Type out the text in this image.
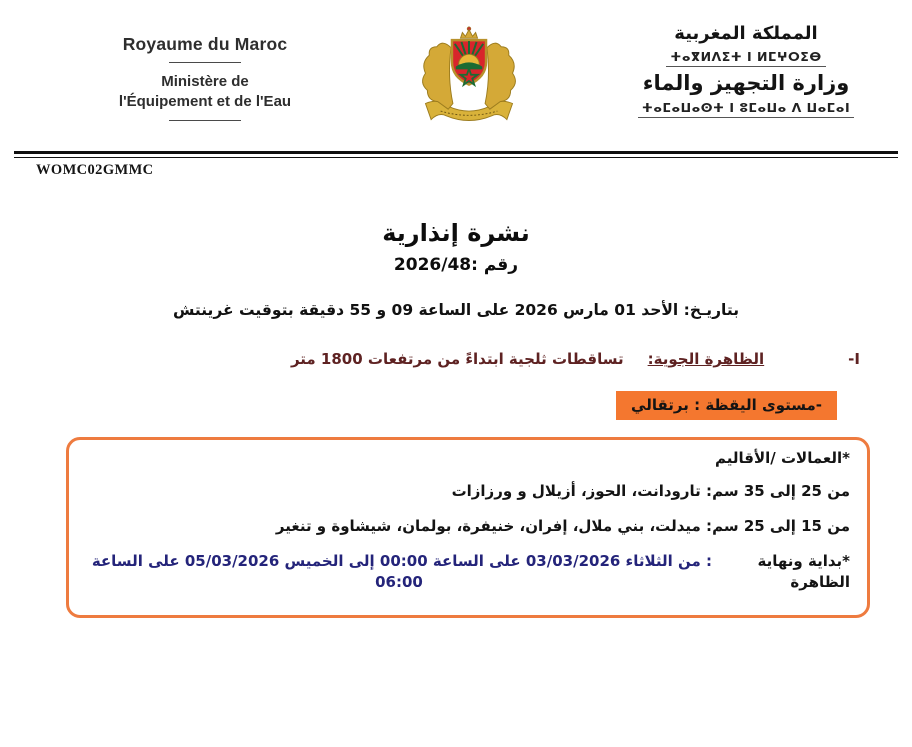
Royaume du Maroc
Ministère de
l'Équipement et de l'Eau
المملكة المغربية
ⵜⴰⴳⵍⴷⵉⵜ ⵏ ⵍⵎⵖⵔⵉⴱ
وزارة التجهيز والماء
ⵜⴰⵎⴰⵡⴰⵙⵜ ⵏ ⵓⵎⴰⵡⴰ ⴷ ⵡⴰⵎⴰⵏ
WOMC02GMMC
نشرة إنذارية
رقم :2026/48
بتاريـخ: الأحد 01 مارس 2026 على الساعة 09 و 55 دقيقة بتوقيت غرينتش
I-
الظاهرة الجوية:
تساقطات ثلجية ابتداءً من مرتفعات 1800 متر
-مستوى اليقظة : برتقالي
*العمالات /الأقاليم
من 25 إلى 35 سم
: تارودانت، الحوز، أزيلال و ورزازات
من 15 إلى 25 سم
: ميدلت، بني ملال، إفران، خنيفرة، بولمان، شيشاوة و تنغير
*بداية ونهاية الظاهرة
: من الثلاثاء 03/03/2026 على الساعة 00:00 إلى الخميس 05/03/2026 على الساعة
06:00
